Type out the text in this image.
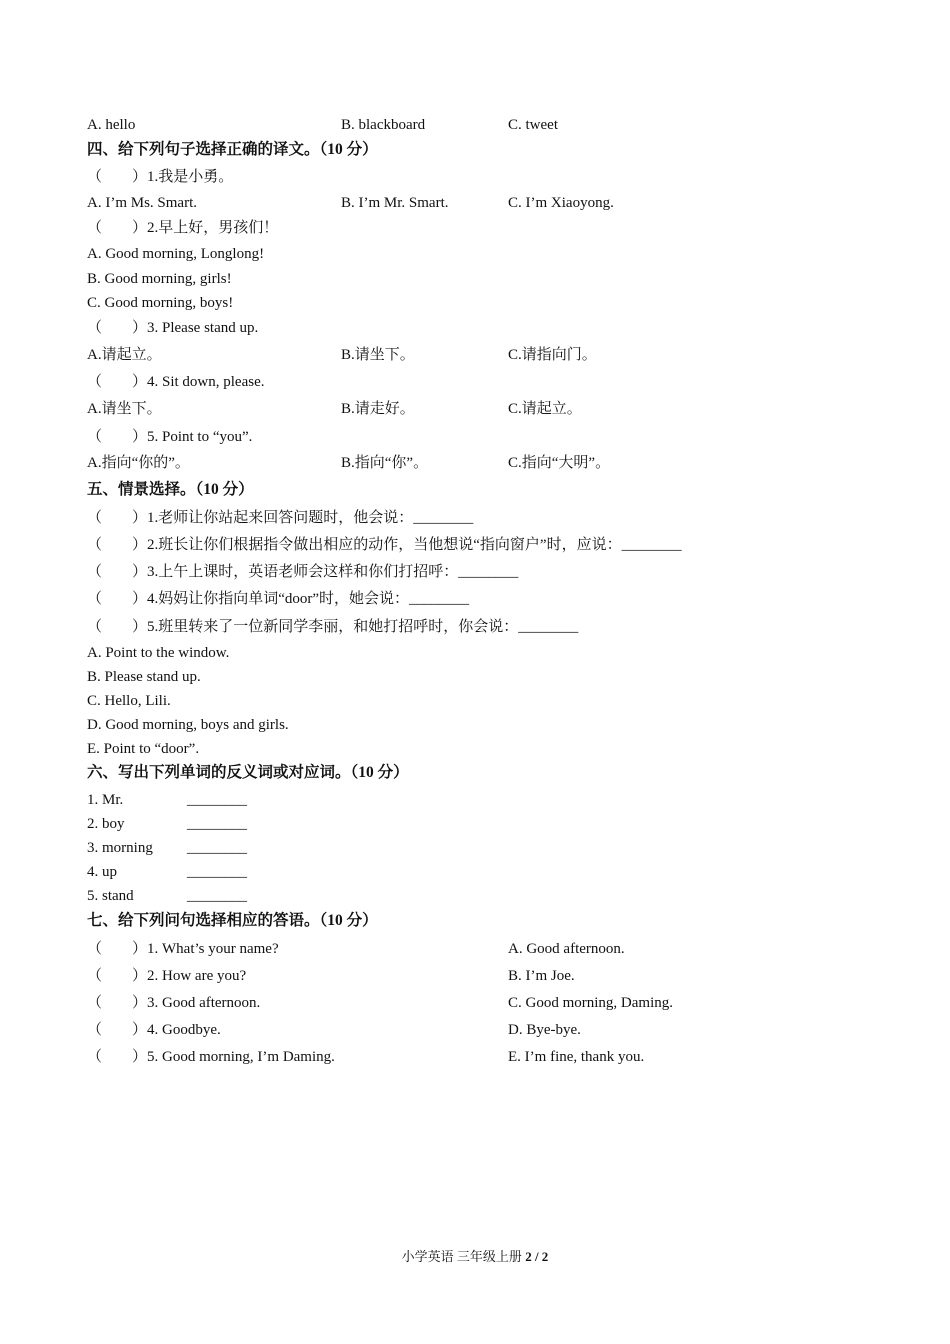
A. hello	B. blackboard	C. tweet
四、给下列句子选择正确的译文。（10 分）
（　　）1.我是小勇。
A. I’m Ms. Smart.	B. I’m Mr. Smart.	C. I’m Xiaoyong.
（　　）2.早上好，男孩们！
A. Good morning, Longlong!
B. Good morning, girls!
C. Good morning, boys!
（　　）3. Please stand up.
A.请起立。	B.请坐下。	C.请指向门。
（　　）4. Sit down, please.
A.请坐下。	B.请走好。	C.请起立。
（　　）5. Point to “you”.
A.指向“你的”。	B.指向“你”。	C.指向“大明”。
五、情景选择。（10 分）
（　　）1.老师让你站起来回答问题时，他会说：________
（　　）2.班长让你们根据指令做出相应的动作，当他想说“指向窗户”时，应说：________
（　　）3.上午上课时，英语老师会这样和你们打招呼：________
（　　）4.妈妈让你指向单词“door”时，她会说：________
（　　）5.班里转来了一位新同学李丽，和她打招呼时，你会说：________
A. Point to the window.
B. Please stand up.
C. Hello, Lili.
D. Good morning, boys and girls.
E. Point to “door”.
六、写出下列单词的反义词或对应词。（10 分）
1. Mr.	________
2. boy	________
3. morning ________
4. up	________
5. stand	________
七、给下列问句选择相应的答语。（10 分）
（　　）1. What’s your name?	A. Good afternoon.
（　　）2. How are you?	B. I’m Joe.
（　　）3. Good afternoon.	C. Good morning, Daming.
（　　）4. Goodbye.	D. Bye-bye.
（　　）5. Good morning, I’m Daming.	E. I’m fine, thank you.
小学英语 三年级上册 2 / 2
